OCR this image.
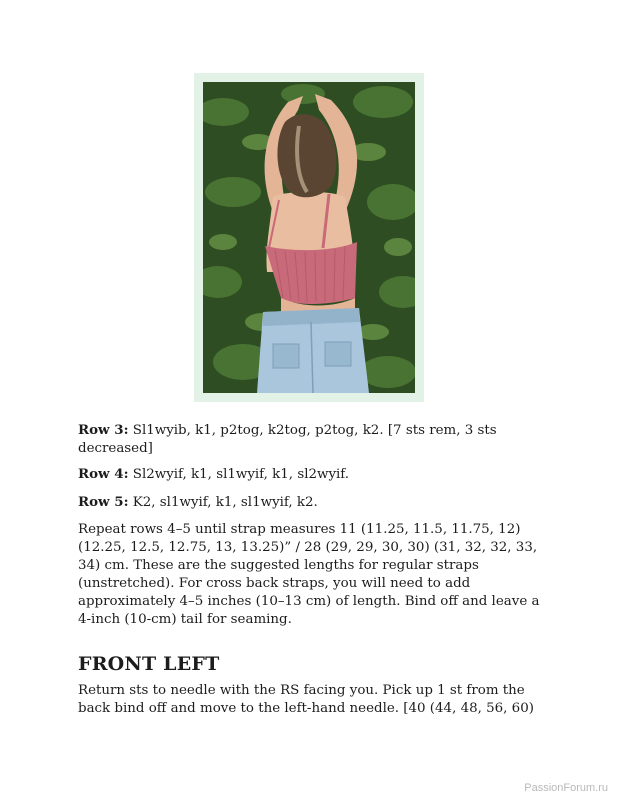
Row 3: Sl1wyib, k1, p2tog, k2tog, p2tog, k2. [7 sts rem, 3 sts decreased]
Row 4: Sl2wyif, k1, sl1wyif, k1, sl2wyif.
Row 5: K2, sl1wyif, k1, sl1wyif, k2.
Repeat rows 4–5 until strap measures 11 (11.25, 11.5, 11.75, 12) (12.25, 12.5, 12.75, 13, 13.25)” / 28 (29, 29, 30, 30) (31, 32, 32, 33, 34) cm. These are the suggested lengths for regular straps (unstretched). For cross back straps, you will need to add approximately 4–5 inches (10–13 cm) of length. Bind off and leave a 4-inch (10-cm) tail for seaming.
FRONT LEFT
Return sts to needle with the RS facing you. Pick up 1 st from the back bind off and move to the left-hand needle. [40 (44, 48, 56, 60)
PassionForum.ru
